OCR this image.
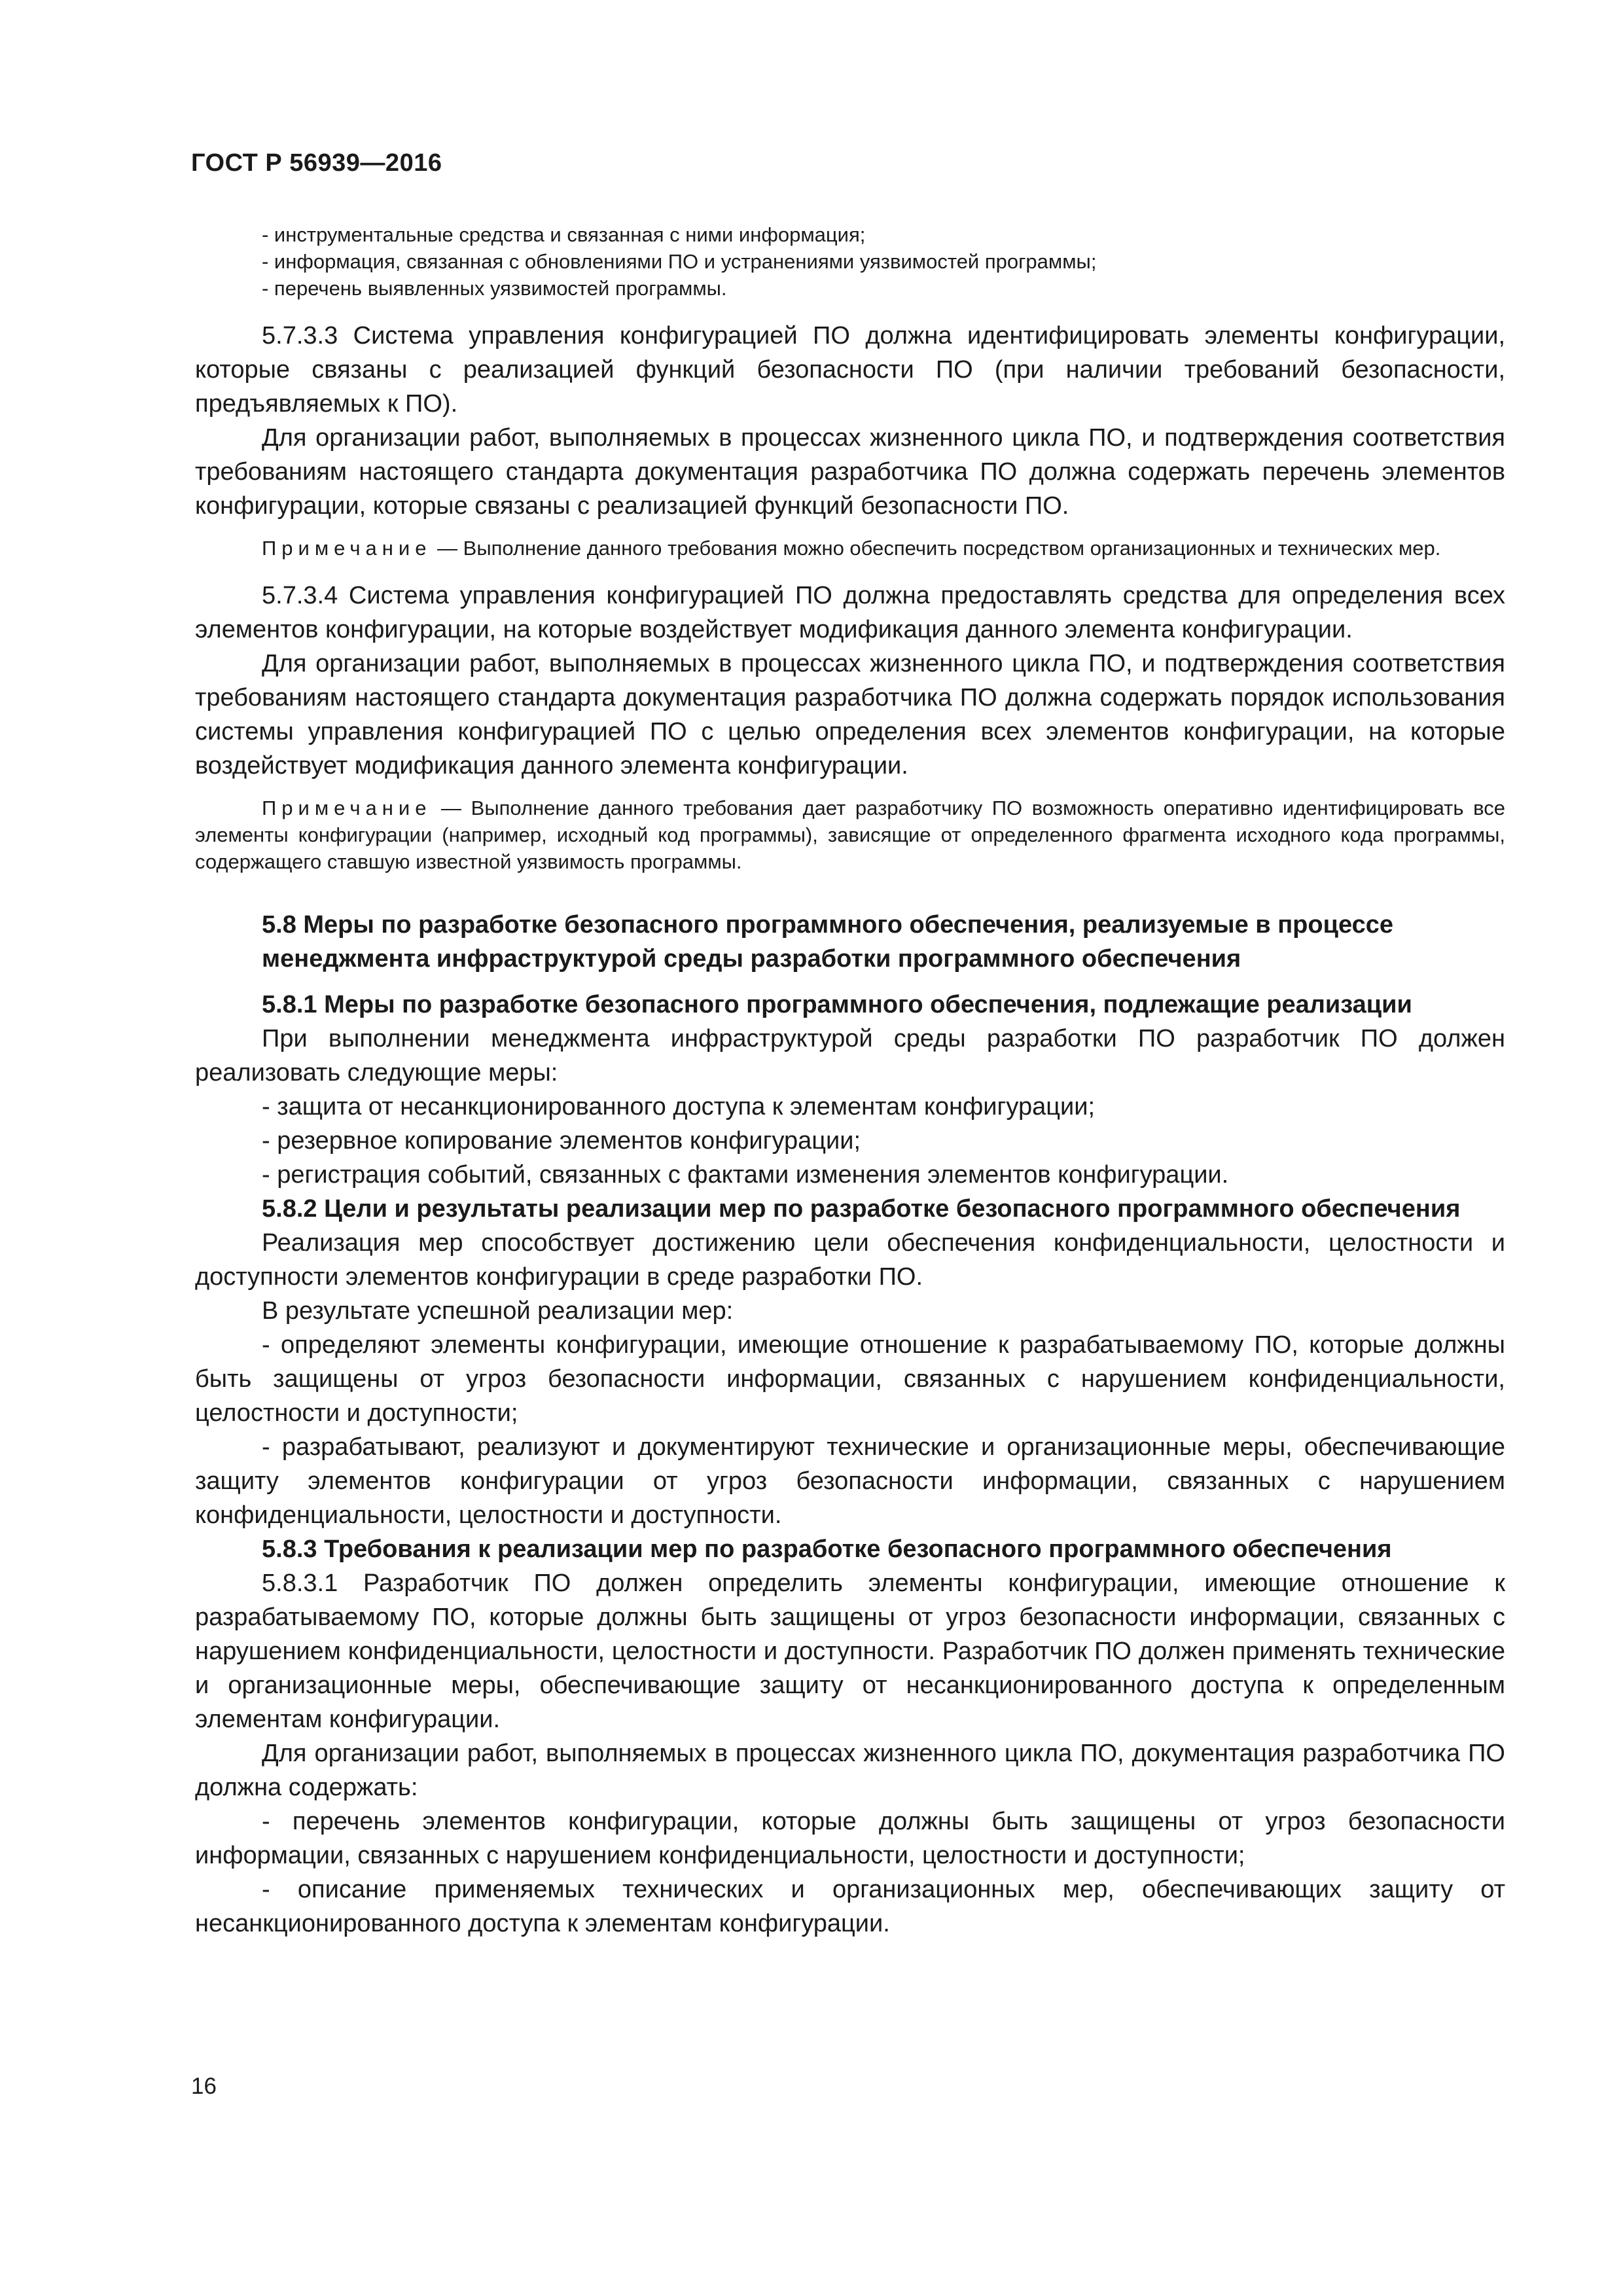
ГОСТ Р 56939—2016
- инструментальные средства и связанная с ними информация;
- информация, связанная с обновлениями ПО и устранениями уязвимостей программы;
- перечень выявленных уязвимостей программы.
5.7.3.3 Система управления конфигурацией ПО должна идентифицировать элементы конфигурации, которые связаны с реализацией функций безопасности ПО (при наличии требований безопасности, предъявляемых к ПО).
Для организации работ, выполняемых в процессах жизненного цикла ПО, и подтверждения соответствия требованиям настоящего стандарта документация разработчика ПО должна содержать перечень элементов конфигурации, которые связаны с реализацией функций безопасности ПО.
Примечание — Выполнение данного требования можно обеспечить посредством организационных и технических мер.
5.7.3.4 Система управления конфигурацией ПО должна предоставлять средства для определения всех элементов конфигурации, на которые воздействует модификация данного элемента конфигурации.
Для организации работ, выполняемых в процессах жизненного цикла ПО, и подтверждения соответствия требованиям настоящего стандарта документация разработчика ПО должна содержать порядок использования системы управления конфигурацией ПО с целью определения всех элементов конфигурации, на которые воздействует модификация данного элемента конфигурации.
Примечание — Выполнение данного требования дает разработчику ПО возможность оперативно идентифицировать все элементы конфигурации (например, исходный код программы), зависящие от определенного фрагмента исходного кода программы, содержащего ставшую известной уязвимость программы.
5.8 Меры по разработке безопасного программного обеспечения, реализуемые в процессе
менеджмента инфраструктурой среды разработки программного обеспечения
5.8.1 Меры по разработке безопасного программного обеспечения, подлежащие реализации
При выполнении менеджмента инфраструктурой среды разработки ПО разработчик ПО должен реализовать следующие меры:
- защита от несанкционированного доступа к элементам конфигурации;
- резервное копирование элементов конфигурации;
- регистрация событий, связанных с фактами изменения элементов конфигурации.
5.8.2 Цели и результаты реализации мер по разработке безопасного программного обеспечения
Реализация мер способствует достижению цели обеспечения конфиденциальности, целостности и доступности элементов конфигурации в среде разработки ПО.
В результате успешной реализации мер:
- определяют элементы конфигурации, имеющие отношение к разрабатываемому ПО, которые должны быть защищены от угроз безопасности информации, связанных с нарушением конфиденциальности, целостности и доступности;
- разрабатывают, реализуют и документируют технические и организационные меры, обеспечивающие защиту элементов конфигурации от угроз безопасности информации, связанных с нарушением конфиденциальности, целостности и доступности.
5.8.3 Требования к реализации мер по разработке безопасного программного обеспечения
5.8.3.1 Разработчик ПО должен определить элементы конфигурации, имеющие отношение к разрабатываемому ПО, которые должны быть защищены от угроз безопасности информации, связанных с нарушением конфиденциальности, целостности и доступности. Разработчик ПО должен применять технические и организационные меры, обеспечивающие защиту от несанкционированного доступа к определенным элементам конфигурации.
Для организации работ, выполняемых в процессах жизненного цикла ПО, документация разработчика ПО должна содержать:
- перечень элементов конфигурации, которые должны быть защищены от угроз безопасности информации, связанных с нарушением конфиденциальности, целостности и доступности;
- описание применяемых технических и организационных мер, обеспечивающих защиту от несанкционированного доступа к элементам конфигурации.
16
